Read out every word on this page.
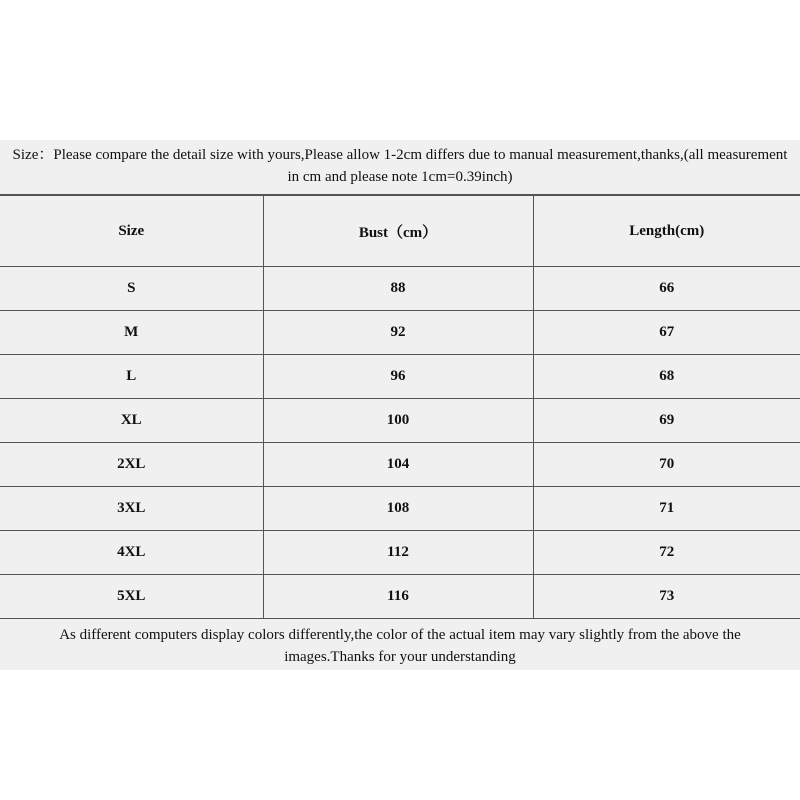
Size：Please compare the detail size with yours,Please allow 1-2cm differs due to manual measurement,thanks,(all measurement in cm and please note 1cm=0.39inch)
Size	Bust（cm）	Length(cm)
S	88	66
M	92	67
L	96	68
XL	100	69
2XL	104	70
3XL	108	71
4XL	112	72
5XL	116	73
As different computers display colors differently,the color of the actual item may vary slightly from the above the images.Thanks for your understanding
